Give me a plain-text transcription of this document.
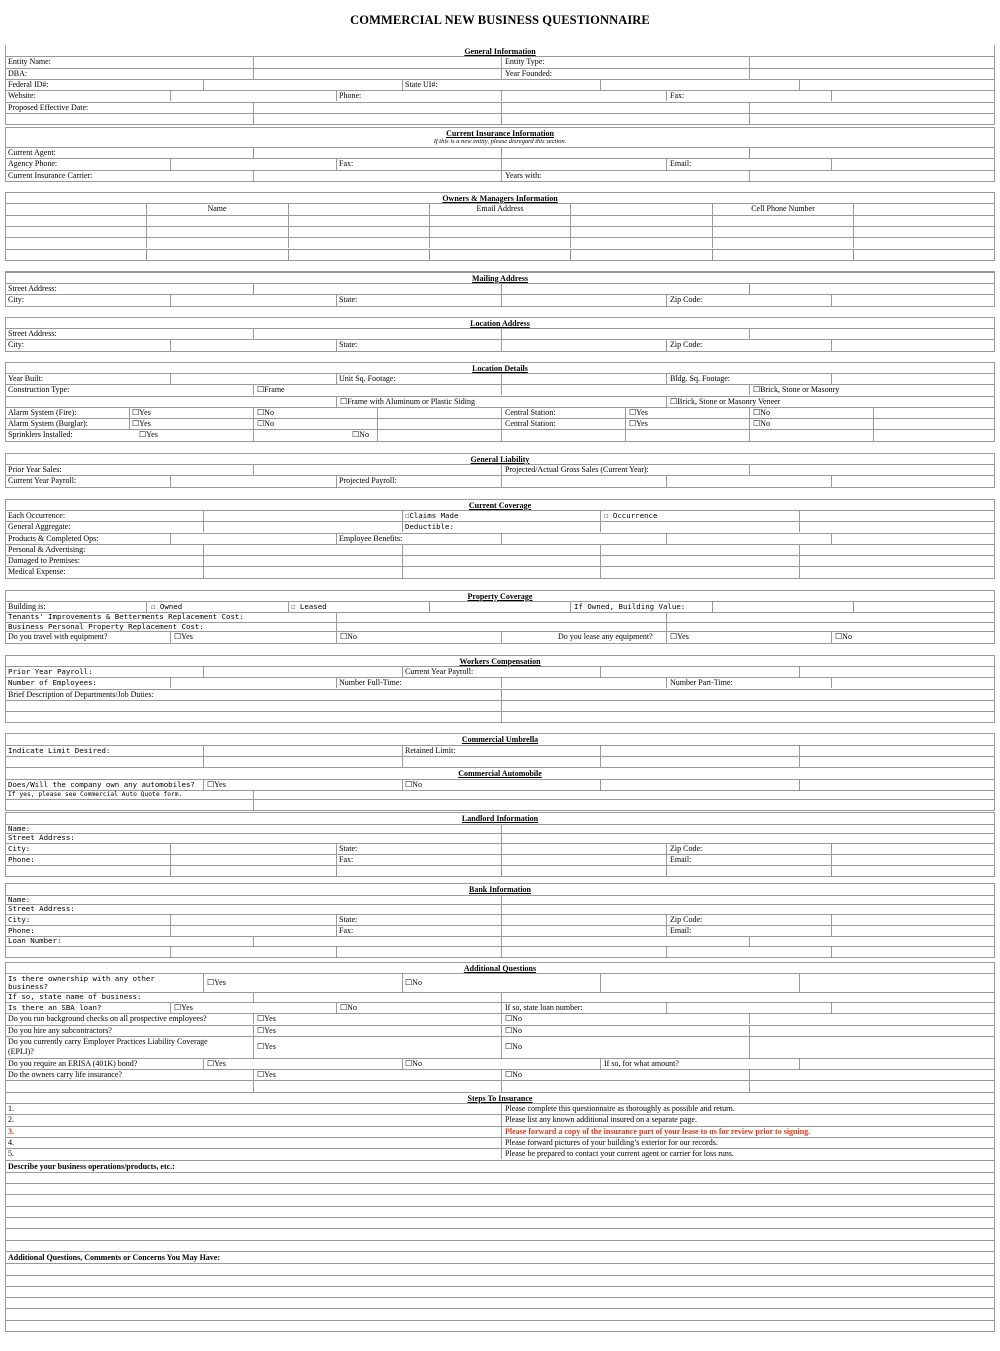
COMMERCIAL NEW BUSINESS QUESTIONNAIRE
General Information
Entity Name:	Entity Type:
DBA:	Year Founded:
Federal ID#:	State UI#:
Website:	Phone:	Fax:
Proposed Effective Date:
Current Insurance Information
If this is a new entity, please disregard this section.
Current Agent:
Agency Phone:	Fax:	Email:
Current Insurance Carrier:	Years with:
Owners & Managers Information
Name	Email Address	Cell Phone Number
Mailing Address
Street Address:
City:	State:	Zip Code:
Location Address
Street Address:
City:	State:	Zip Code:
Location Details
Year Built:	Unit Sq. Footage:	Bldg. Sq. Footage:
Construction Type:	☐Frame	☐Brick, Stone or Masonry
☐Frame with Aluminum or Plastic Siding	☐Brick, Stone or Masonry Veneer
Alarm System (Fire):	☐Yes	☐No	Central Station:	☐Yes	☐No
Alarm System (Burglar):	☐Yes	☐No	Central Station:	☐Yes	☐No
Sprinklers Installed:	☐Yes	☐No
General Liability
Prior Year Sales:	Projected/Actual Gross Sales (Current Year):
Current Year Payroll:	Projected Payroll:
Current Coverage
Each Occurrence:	☐Claims Made	☐ Occurrence
General Aggregate:	Deductible:
Products & Completed Ops:	Employee Benefits:
Personal & Advertising:
Damaged to Premises:
Medical Expense:
Property Coverage
Building is:	☐ Owned	☐ Leased	If Owned, Building Value:
Tenants' Improvements & Betterments Replacement Cost:
Business Personal Property Replacement Cost:
Do you travel with equipment?	☐Yes	☐No	Do you lease any equipment? ☐Yes	☐No
Workers Compensation
Prior Year Payroll:	Current Year Payroll:
Number of Employees:	Number Full-Time:	Number Part-Time:
Brief Description of Departments/Job Duties:
Commercial Umbrella
Indicate Limit Desired:	Retained Limit:
Commercial Automobile
Does/Will the company own any automobiles? ☐Yes	☐No
If yes, please see Commercial Auto Quote form.
Landlord Information
Name:
Street Address:
City:	State:	Zip Code:
Phone:	Fax:	Email:
Bank Information
Name:
Street Address:
City:	State:	Zip Code:
Phone:	Fax:	Email:
Loan Number:
Additional Questions
Is there ownership with any other
business?	☐Yes	☐No
If so, state name of business:
Is there an SBA loan?	☐Yes	☐No	If so, state loan number:
Do you run background checks on all prospective employees?	☐Yes	☐No
Do you hire any subcontractors?	☐Yes	☐No
Do you currently carry Employer Practices Liability Coverage
(EPLI)?
☐Yes	☐No
Do you require an ERISA (401K) bond?	☐Yes	☐No	If so, for what amount?
Do the owners carry life insurance?	☐Yes	☐No
Steps To Insurance
1.	Please complete this questionnaire as thoroughly as possible and return.
2.	Please list any known additional insured on a separate page.
3.	Please forward a copy of the insurance part of your lease to us for review prior to signing.
4.	Please forward pictures of your building’s exterior for our records.
5.	Please be prepared to contact your current agent or carrier for loss runs.
Describe your business operations/products, etc.:
Additional Questions, Comments or Concerns You May Have:
